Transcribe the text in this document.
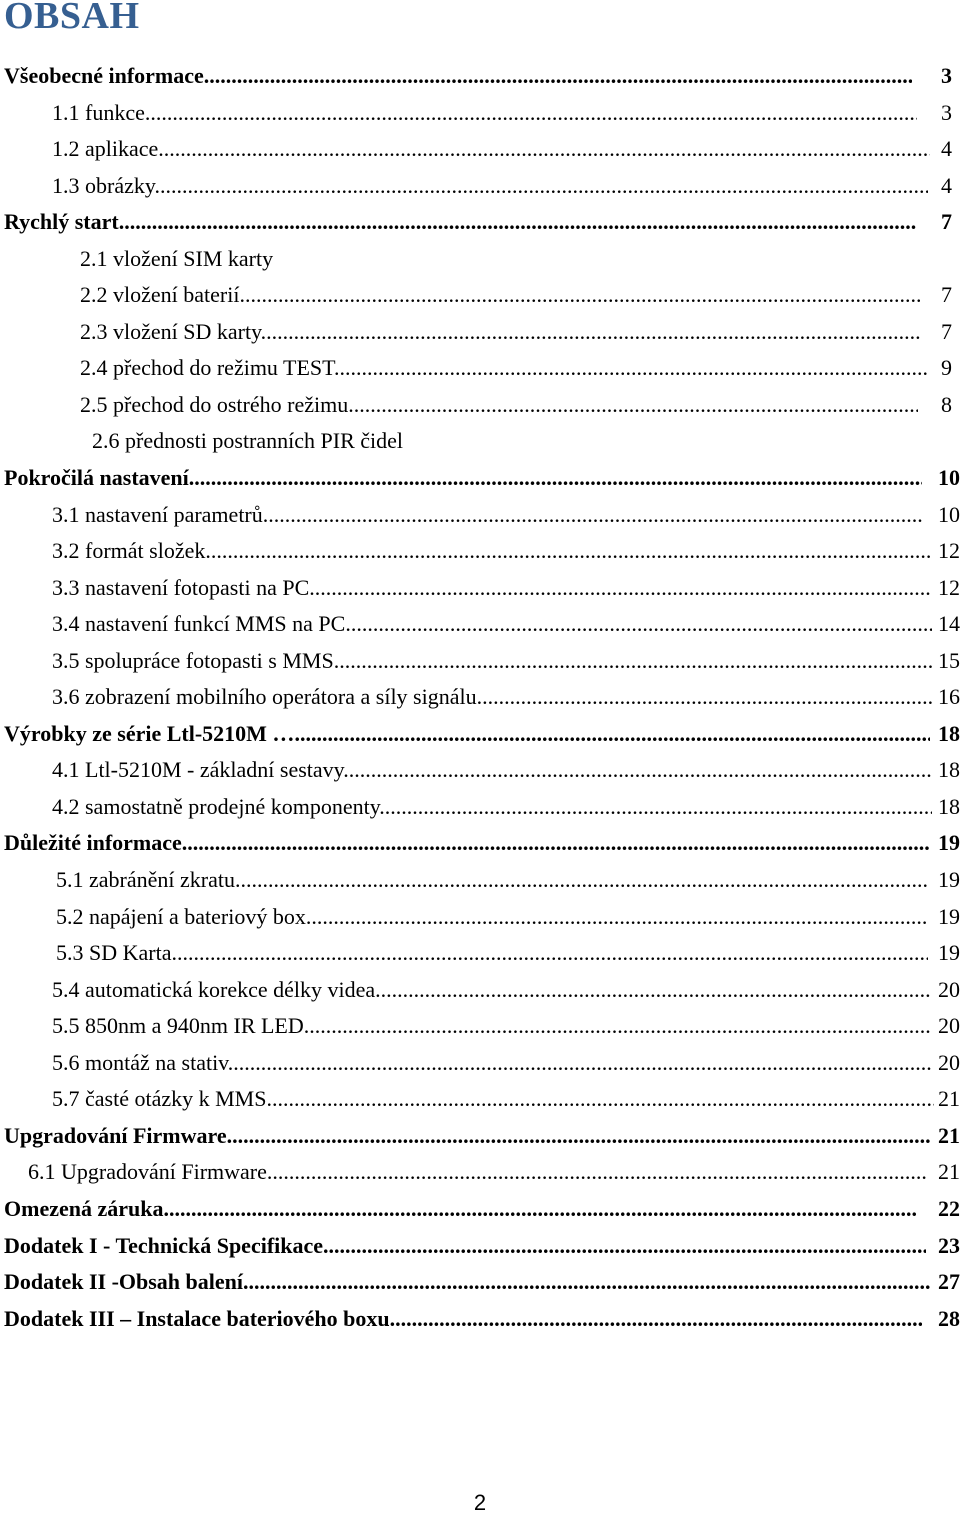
OBSAH
Všeobecné informace .....	3
1.1 funkce .....	3
1.2 aplikace .....	4
1.3 obrázky .....	4
Rychlý start .....	7
2.1 vložení SIM karty
2.2 vložení baterií .....	7
2.3 vložení SD karty .....	7
2.4 přechod do režimu TEST .....	9
2.5 přechod do ostrého režimu .....	8
2.6 přednosti postranních PIR čidel
Pokročilá nastavení .....	10
3.1 nastavení parametrů .....	10
3.2 formát složek .....	12
3.3 nastavení fotopasti na PC .....	12
3.4 nastavení funkcí MMS na PC .....	14
3.5 spolupráce fotopasti s MMS .....	15
3.6 zobrazení mobilního operátora a síly signálu .....	16
Výrobky ze série Ltl-5210M … .....	18
4.1 Ltl-5210M - základní sestavy .....	18
4.2 samostatně prodejné komponenty .....	18
Důležité informace .....	19
5.1 zabránění zkratu .....	19
5.2 napájení a bateriový box .....	19
5.3 SD Karta .....	19
5.4 automatická korekce délky videa .....	20
5.5 850nm a 940nm IR LED .....	20
5.6 montáž na stativ .....	20
5.7 časté otázky k MMS .....	21
Upgradování Firmware .....	21
6.1 Upgradování Firmware .....	21
Omezená záruka .....	22
Dodatek I - Technická Specifikace .....	23
Dodatek II -Obsah balení .....	27
Dodatek III – Instalace bateriového boxu .....	28
2
